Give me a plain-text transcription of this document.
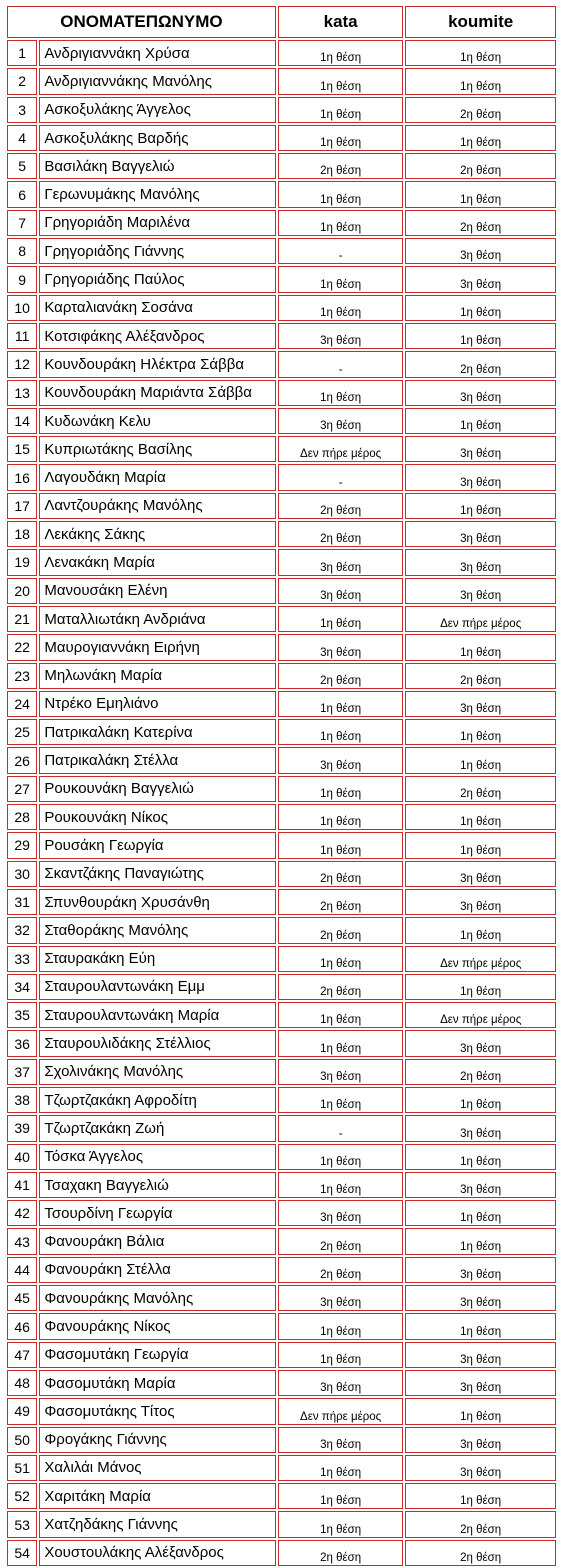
ΟΝΟΜΑΤΕΠΩΝΥΜΟ		kata	koumite
1	Ανδριγιαννάκη Χρύσα	1η θέση	1η θέση
2	Ανδριγιαννάκης Μανόλης	1η θέση	1η θέση
3	Ασκοξυλάκης Άγγελος	1η θέση	2η θέση
4	Ασκοξυλάκης Βαρδής	1η θέση	1η θέση
5	Βασιλάκη Βαγγελιώ	2η θέση	2η θέση
6	Γερωνυμάκης Μανόλης	1η θέση	1η θέση
7	Γρηγοριάδη Μαριλένα	1η θέση	2η θέση
8	Γρηγοριάδης Γιάννης	-	3η θέση
9	Γρηγοριάδης Παύλος	1η θέση	3η θέση
10	Καρταλιανάκη Σοσάνα	1η θέση	1η θέση
11	Κοτσιφάκης Αλέξανδρος	3η θέση	1η θέση
12	Κουνδουράκη Ηλέκτρα Σάββα	-	2η θέση
13	Κουνδουράκη Μαριάντα Σάββα	1η θέση	3η θέση
14	Κυδωνάκη Κελυ	3η θέση	1η θέση
15	Κυπριωτάκης Βασίλης	Δεν πήρε μέρος	3η θέση
16	Λαγουδάκη Μαρία	-	3η θέση
17	Λαντζουράκης Μανόλης	2η θέση	1η θέση
18	Λεκάκης Σάκης	2η θέση	3η θέση
19	Λενακάκη Μαρία	3η θέση	3η θέση
20	Μανουσάκη Ελένη	3η θέση	3η θέση
21	Ματαλλιωτάκη Ανδριάνα	1η θέση	Δεν πήρε μέρος
22	Μαυρογιαννάκη Ειρήνη	3η θέση	1η θέση
23	Μηλωνάκη Μαρία	2η θέση	2η θέση
24	Ντρέκο Εμηλιάνο	1η θέση	3η θέση
25	Πατρικαλάκη Κατερίνα	1η θέση	1η θέση
26	Πατρικαλάκη Στέλλα	3η θέση	1η θέση
27	Ρουκουνάκη Βαγγελιώ	1η θέση	2η θέση
28	Ρουκουνάκη Νίκος	1η θέση	1η θέση
29	Ρουσάκη Γεωργία	1η θέση	1η θέση
30	Σκαντζάκης Παναγιώτης	2η θέση	3η θέση
31	Σπυνθουράκη Χρυσάνθη	2η θέση	3η θέση
32	Σταθοράκης Μανόλης	2η θέση	1η θέση
33	Σταυρακάκη Εύη	1η θέση	Δεν πήρε μέρος
34	Σταυρουλαντωνάκη Εμμ	2η θέση	1η θέση
35	Σταυρουλαντωνάκη Μαρία	1η θέση	Δεν πήρε μέρος
36	Σταυρουλιδάκης Στέλλιος	1η θέση	3η θέση
37	Σχολινάκης Μανόλης	3η θέση	2η θέση
38	Τζωρτζακάκη Αφροδίτη	1η θέση	1η θέση
39	Τζωρτζακάκη Ζωή	-	3η θέση
40	Τόσκα Άγγελος	1η θέση	1η θέση
41	Τσαχακη Βαγγελιώ	1η θέση	3η θέση
42	Τσουρδίνη Γεωργία	3η θέση	1η θέση
43	Φανουράκη Βάλια	2η θέση	1η θέση
44	Φανουράκη Στέλλα	2η θέση	3η θέση
45	Φανουράκης Μανόλης	3η θέση	3η θέση
46	Φανουράκης Νίκος	1η θέση	1η θέση
47	Φασομυτάκη Γεωργία	1η θέση	3η θέση
48	Φασομυτάκη Μαρία	3η θέση	3η θέση
49	Φασομυτάκης Τίτος	Δεν πήρε μέρος	1η θέση
50	Φρογάκης Γιάννης	3η θέση	3η θέση
51	Χαλιλάι Μάνος	1η θέση	3η θέση
52	Χαριτάκη Μαρία	1η θέση	1η θέση
53	Χατζηδάκης Γιάννης	1η θέση	2η θέση
54	Χουστουλάκης Αλέξανδρος	2η θέση	2η θέση
